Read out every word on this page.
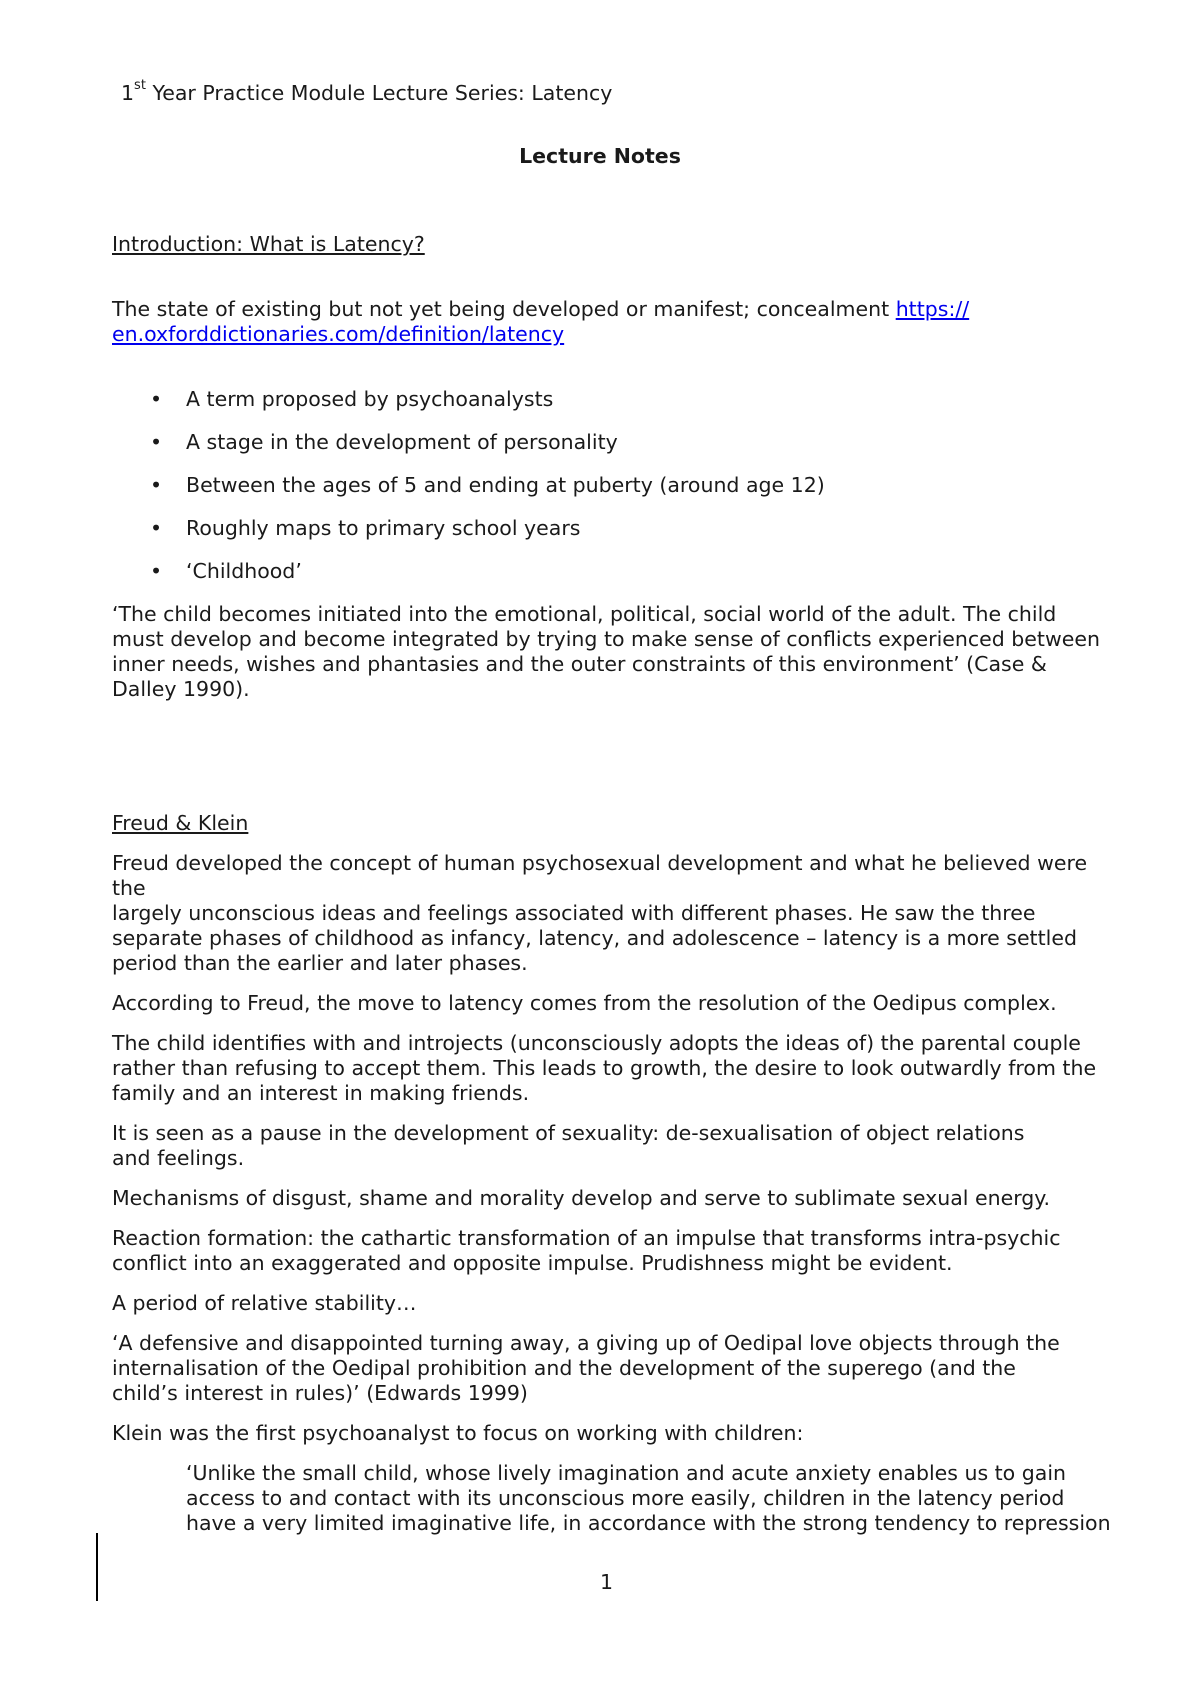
1st Year Practice Module Lecture Series: Latency
Lecture Notes

Introduction: What is Latency?

The state of existing but not yet being developed or manifest; concealment https://
en.oxforddictionaries.com/definition/latency

• A term proposed by psychoanalysts
• A stage in the development of personality
• Between the ages of 5 and ending at puberty (around age 12)
• Roughly maps to primary school years
• ‘Childhood’

‘The child becomes initiated into the emotional, political, social world of the adult. The child
must develop and become integrated by trying to make sense of conflicts experienced between
inner needs, wishes and phantasies and the outer constraints of this environment’ (Case &
Dalley 1990).

Freud & Klein

Freud developed the concept of human psychosexual development and what he believed were the
largely unconscious ideas and feelings associated with different phases. He saw the three
separate phases of childhood as infancy, latency, and adolescence – latency is a more settled
period than the earlier and later phases.

According to Freud, the move to latency comes from the resolution of the Oedipus complex.

The child identifies with and introjects (unconsciously adopts the ideas of) the parental couple
rather than refusing to accept them. This leads to growth, the desire to look outwardly from the
family and an interest in making friends.

It is seen as a pause in the development of sexuality: de-sexualisation of object relations
and feelings.

Mechanisms of disgust, shame and morality develop and serve to sublimate sexual energy.

Reaction formation: the cathartic transformation of an impulse that transforms intra-psychic
conflict into an exaggerated and opposite impulse. Prudishness might be evident.

A period of relative stability…

‘A defensive and disappointed turning away, a giving up of Oedipal love objects through the
internalisation of the Oedipal prohibition and the development of the superego (and the
child’s interest in rules)’ (Edwards 1999)

Klein was the first psychoanalyst to focus on working with children:

‘Unlike the small child, whose lively imagination and acute anxiety enables us to gain
access to and contact with its unconscious more easily, children in the latency period
have a very limited imaginative life, in accordance with the strong tendency to repression

1
